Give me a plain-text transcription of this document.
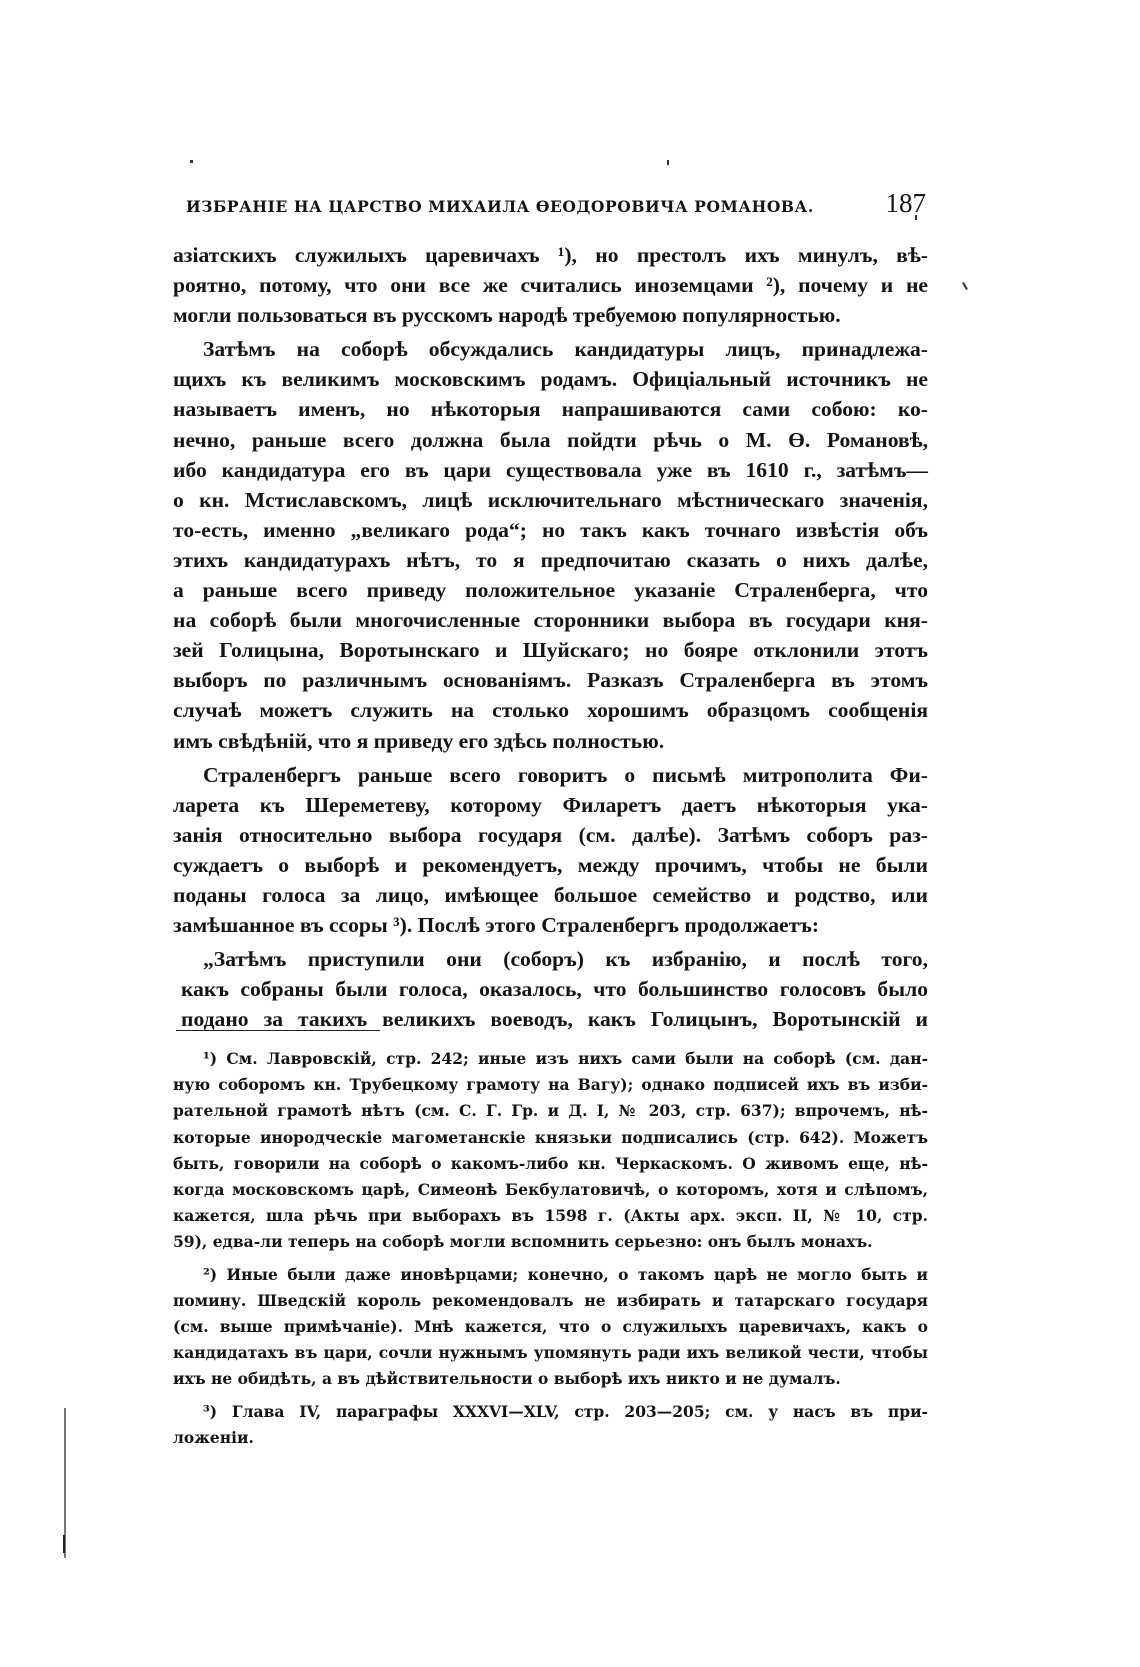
ИЗБРАНІЕ НА ЦАРСТВО МИХАИЛА ӨЕОДОРОВИЧА РОМАНОВА.	187
азіатскихъ служилыхъ царевичахъ ¹), но престолъ ихъ минулъ, вѣ-
роятно, потому, что они все же считались иноземцами ²), почему и не
могли пользоваться въ русскомъ народѣ требуемою популярностью.
Затѣмъ на соборѣ обсуждались кандидатуры лицъ, принадлежа-
щихъ къ великимъ московскимъ родамъ. Офиціальный источникъ не
называетъ именъ, но нѣкоторыя напрашиваются сами собою: ко-
нечно, раньше всего должна была пойдти рѣчь о М. Ө. Романовѣ,
ибо кандидатура его въ цари существовала уже въ 1610 г., затѣмъ—
о кн. Мстиславскомъ, лицѣ исключительнаго мѣстническаго значенія,
то-есть, именно „великаго рода“; но такъ какъ точнаго извѣстія объ
этихъ кандидатурахъ нѣтъ, то я предпочитаю сказать о нихъ далѣе,
а раньше всего приведу положительное указаніе Страленберга, что
на соборѣ были многочисленные сторонники выбора въ государи кня-
зей Голицына, Воротынскаго и Шуйскаго; но бояре отклонили этотъ
выборъ по различнымъ основаніямъ. Разказъ Страленберга въ этомъ
случаѣ можетъ служить на столько хорошимъ образцомъ сообщенія
имъ свѣдѣній, что я приведу его здѣсь полностью.
Страленбергъ раньше всего говоритъ о письмѣ митрополита Фи-
ларета къ Шереметеву, которому Филаретъ даетъ нѣкоторыя ука-
занія относительно выбора государя (см. далѣе). Затѣмъ соборъ раз-
суждаетъ о выборѣ и рекомендуетъ, между прочимъ, чтобы не были
поданы голоса за лицо, имѣющее большое семейство и родство, или
замѣшанное въ ссоры ³). Послѣ этого Страленбергъ продолжаетъ:
„Затѣмъ приступили они (соборъ) къ избранію, и послѣ того,
какъ собраны были голоса, оказалось, что большинство голосовъ было
подано за такихъ великихъ воеводъ, какъ Голицынъ, Воротынскій и
¹) См. Лавровскій, стр. 242; иные изъ нихъ сами были на соборѣ (см. дан-
ную соборомъ кн. Трубецкому грамоту на Вагу); однако подписей ихъ въ изби-
рательной грамотѣ нѣтъ (см. С. Г. Гр. и Д. I, № 203, стр. 637); впрочемъ, нѣ-
которые инородческіе магометанскіе князьки подписались (стр. 642). Можетъ
быть, говорили на соборѣ о какомъ-либо кн. Черкаскомъ. О живомъ еще, нѣ-
когда московскомъ царѣ, Симеонѣ Бекбулатовичѣ, о которомъ, хотя и слѣпомъ,
кажется, шла рѣчь при выборахъ въ 1598 г. (Акты арх. эксп. II, № 10, стр.
59), едва-ли теперь на соборѣ могли вспомнить серьезно: онъ былъ монахъ.
²) Иные были даже иновѣрцами; конечно, о такомъ царѣ не могло быть и
помину. Шведскій король рекомендовалъ не избирать и татарскаго государя
(см. выше примѣчаніе). Мнѣ кажется, что о служилыхъ царевичахъ, какъ о
кандидатахъ въ цари, сочли нужнымъ упомянуть ради ихъ великой чести, чтобы
ихъ не обидѣть, а въ дѣйствительности о выборѣ ихъ никто и не думалъ.
³) Глава IV, параграфы XXXVI—XLV, стр. 203—205; см. у насъ въ при-
ложеніи.
